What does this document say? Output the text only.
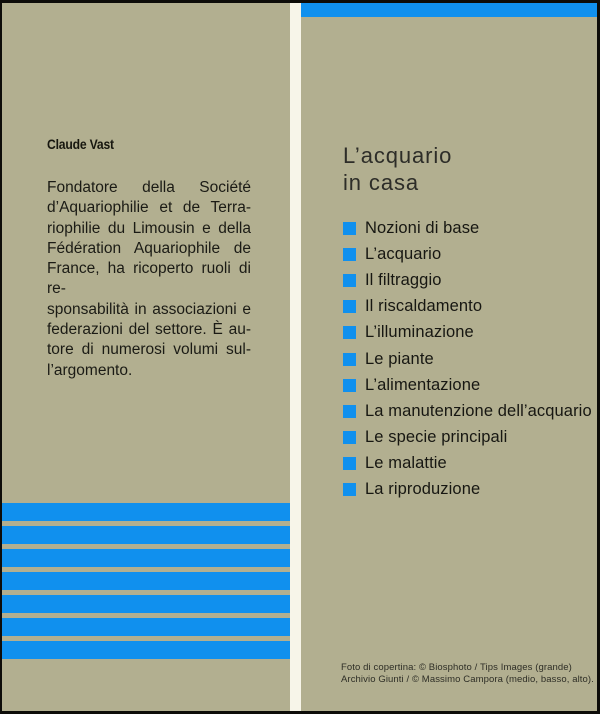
Claude Vast
Fondatore della Société
d’Aquariophilie et de Terra-
riophilie du Limousin e della
Fédération Aquariophile de
France, ha ricoperto ruoli di re-
sponsabilità in associazioni e
federazioni del settore. È au-
tore di numerosi volumi sul-
l’argomento.
L’acquario
in casa
Nozioni di base
L’acquario
Il filtraggio
Il riscaldamento
L’illuminazione
Le piante
L’alimentazione
La manutenzione dell’acquario
Le specie principali
Le malattie
La riproduzione
Foto di copertina: © Biosphoto / Tips Images (grande)
Archivio Giunti / © Massimo Campora (medio, basso, alto).
